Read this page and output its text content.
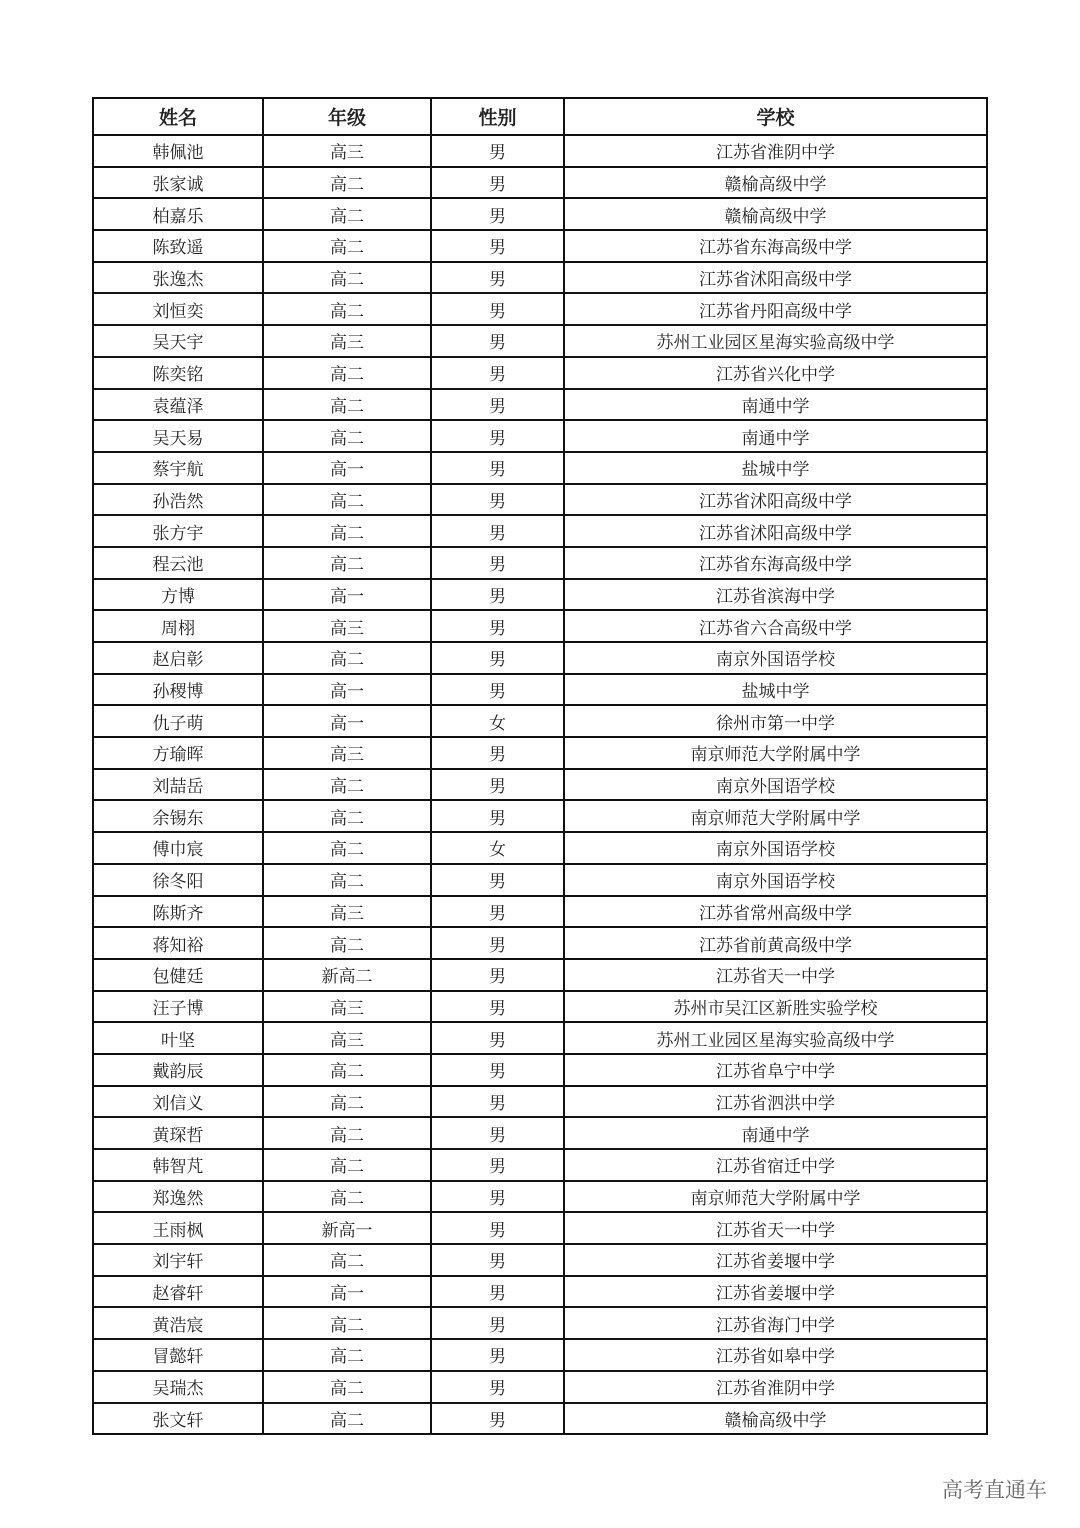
姓名	年级	性别	学校
韩佩池	高三	男	江苏省淮阴中学
张家诚	高二	男	赣榆高级中学
柏嘉乐	高二	男	赣榆高级中学
陈致遥	高二	男	江苏省东海高级中学
张逸杰	高二	男	江苏省沭阳高级中学
刘恒奕	高二	男	江苏省丹阳高级中学
吴天宇	高三	男	苏州工业园区星海实验高级中学
陈奕铭	高二	男	江苏省兴化中学
袁蕴泽	高二	男	南通中学
吴天易	高二	男	南通中学
蔡宇航	高一	男	盐城中学
孙浩然	高二	男	江苏省沭阳高级中学
张方宇	高二	男	江苏省沭阳高级中学
程云池	高二	男	江苏省东海高级中学
方博	高一	男	江苏省滨海中学
周栩	高三	男	江苏省六合高级中学
赵启彰	高二	男	南京外国语学校
孙稷博	高一	男	盐城中学
仇子萌	高一	女	徐州市第一中学
方瑜晖	高三	男	南京师范大学附属中学
刘喆岳	高二	男	南京外国语学校
余锡东	高二	男	南京师范大学附属中学
傅巾宸	高二	女	南京外国语学校
徐冬阳	高二	男	南京外国语学校
陈斯齐	高三	男	江苏省常州高级中学
蒋知裕	高二	男	江苏省前黄高级中学
包健廷	新高二	男	江苏省天一中学
汪子博	高三	男	苏州市吴江区新胜实验学校
叶坚	高三	男	苏州工业园区星海实验高级中学
戴韵辰	高二	男	江苏省阜宁中学
刘信义	高二	男	江苏省泗洪中学
黄琛哲	高二	男	南通中学
韩智芃	高二	男	江苏省宿迁中学
郑逸然	高二	男	南京师范大学附属中学
王雨枫	新高一	男	江苏省天一中学
刘宇轩	高二	男	江苏省姜堰中学
赵睿轩	高一	男	江苏省姜堰中学
黄浩宸	高二	男	江苏省海门中学
冒懿轩	高二	男	江苏省如皋中学
吴瑞杰	高二	男	江苏省淮阴中学
张文轩	高二	男	赣榆高级中学
高考直通车
